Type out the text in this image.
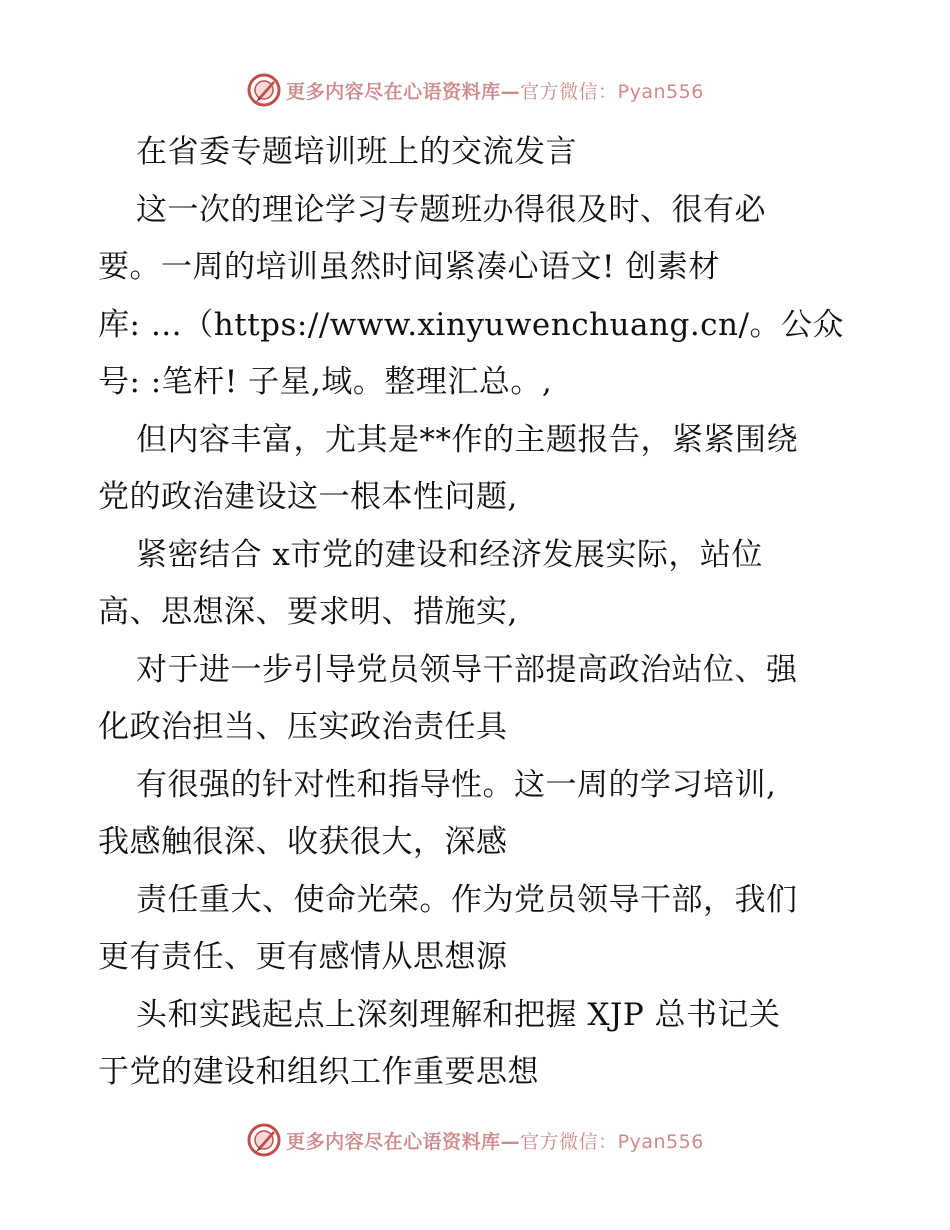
更多内容尽在心语资料库—官方微信：Pyan556
在省委专题培训班上的交流发言
这一次的理论学习专题班办得很及时、很有必
要。一周的培训虽然时间紧凑心语文! 创素材
库: …（https://www.xinyuwenchuang.cn/。公众
号: :笔杆! 子星,域。整理汇总。,
但内容丰富，尤其是**作的主题报告，紧紧围绕
党的政治建设这一根本性问题,
紧密结合 x市党的建设和经济发展实际，站位
高、思想深、要求明、措施实,
对于进一步引导党员领导干部提高政治站位、强
化政治担当、压实政治责任具
有很强的针对性和指导性。这一周的学习培训,
我感触很深、收获很大，深感
责任重大、使命光荣。作为党员领导干部，我们
更有责任、更有感情从思想源
头和实践起点上深刻理解和把握 XJP 总书记关
于党的建设和组织工作重要思想
更多内容尽在心语资料库—官方微信：Pyan556
